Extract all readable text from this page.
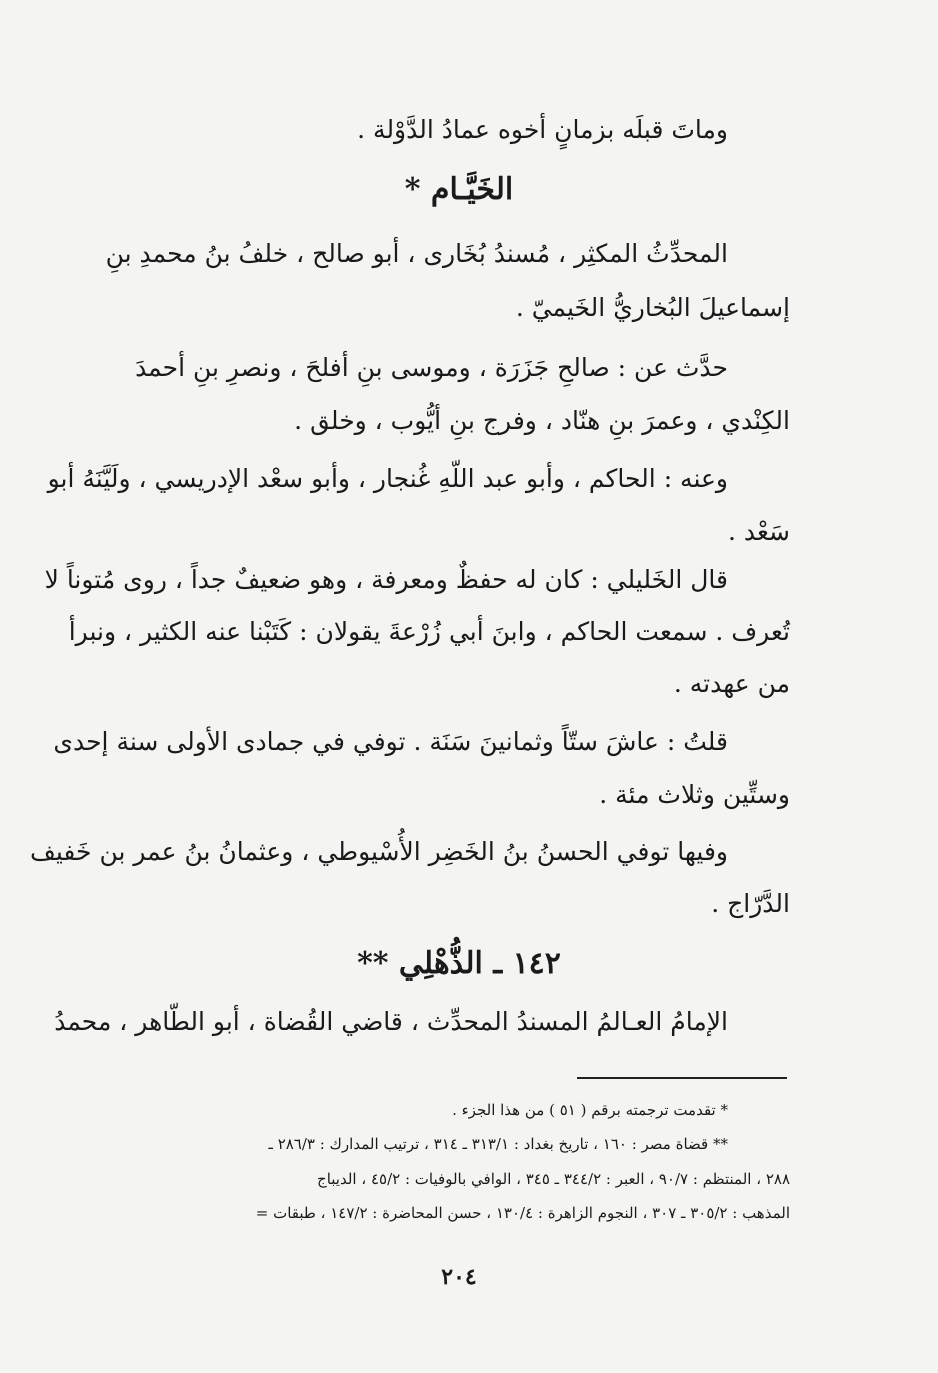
وماتَ قبلَه بزمانٍ أخوه عمادُ الدَّوْلة .
الخَيَّـام *
المحدِّثُ المكثِر ، مُسندُ بُخَارى ، أبو صالح ، خلفُ بنُ محمدِ بنِ
إسماعيلَ البُخاريُّ الخَيميّ .
حدَّث عن : صالحِ جَزَرَة ، وموسى بنِ أفلحَ ، ونصرِ بنِ أحمدَ
الكِنْدي ، وعمرَ بنِ هنّاد ، وفرج بنِ أيُّوب ، وخلق .
وعنه : الحاكم ، وأبو عبد اللّهِ غُنجار ، وأبو سعْد الإدريسي ، ولَيَّنَهُ أبو
سَعْد .
قال الخَليلي : كان له حفظٌ ومعرفة ، وهو ضعيفٌ جداً ، روى مُتوناً لا
تُعرف . سمعت الحاكم ، وابنَ أبي زُرْعةَ يقولان : كَتَبْنا عنه الكثير ، ونبرأ
من عهدته .
قلتُ : عاشَ ستّاً وثمانينَ سَنَة . توفي في جمادى الأولى سنة إحدى
وستِّين وثلاث مئة .
وفيها توفي الحسنُ بنُ الخَضِر الأُسْيوطي ، وعثمانُ بنُ عمر بن خَفيف
الدَّرّاج .
١٤٢ ـ الذُّهْلِي **
الإمامُ العـالمُ المسندُ المحدِّث ، قاضي القُضاة ، أبو الطّاهر ، محمدُ
* تقدمت ترجمته برقم ( ٥١ ) من هذا الجزء .
** قضاة مصر : ١٦٠ ، تاريخ بغداد : ٣١٣/١ ـ ٣١٤ ، ترتيب المدارك : ٢٨٦/٣ ـ
٢٨٨ ، المنتظم : ٩٠/٧ ، العبر : ٣٤٤/٢ ـ ٣٤٥ ، الوافي بالوفيات : ٤٥/٢ ، الديباج
المذهب : ٣٠٥/٢ ـ ٣٠٧ ، النجوم الزاهرة : ١٣٠/٤ ، حسن المحاضرة : ١٤٧/٢ ، طبقات =
٢٠٤
